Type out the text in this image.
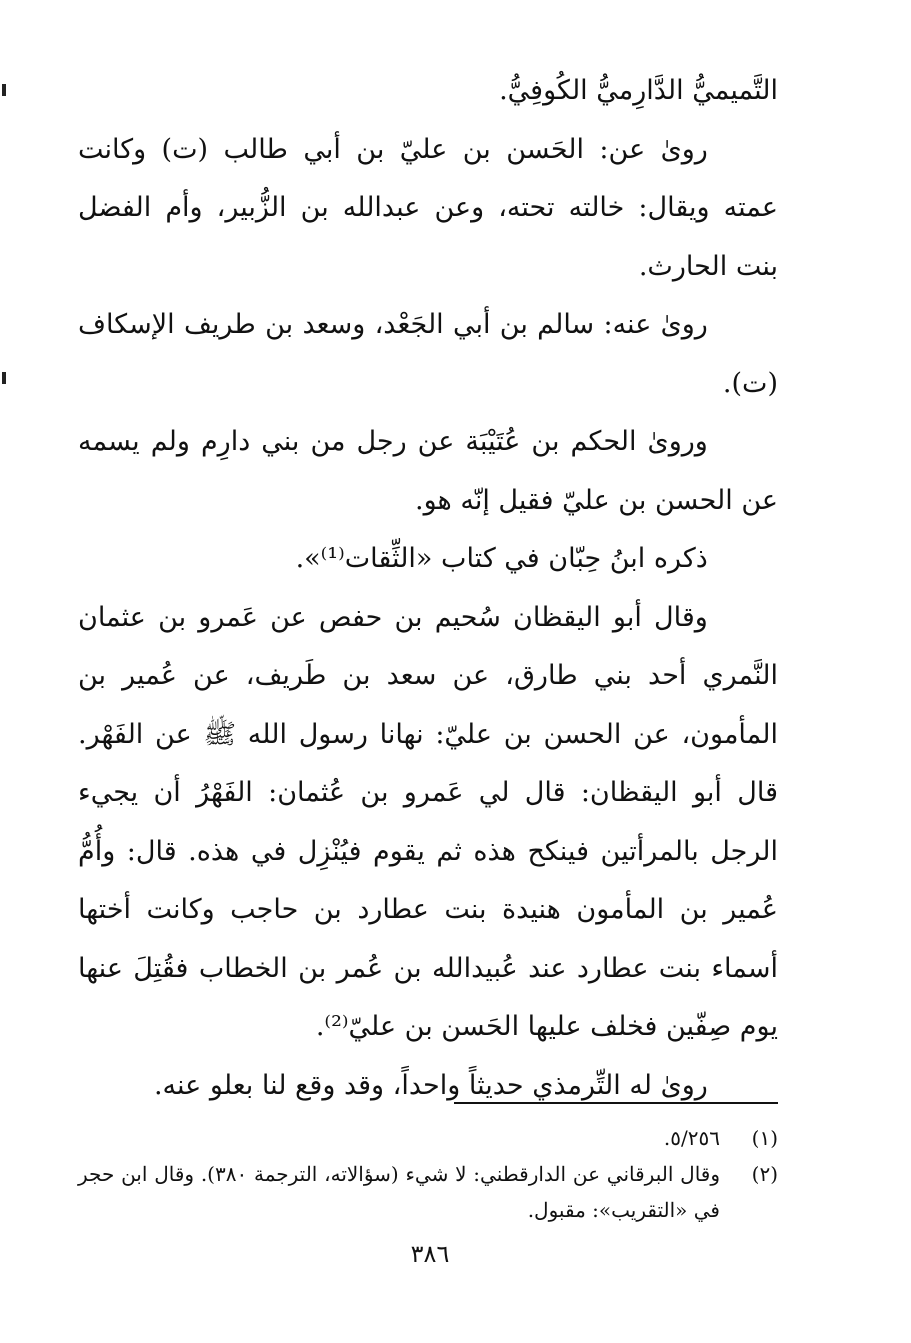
التَّميميُّ الدَّارِميُّ الكُوفِيُّ.

روىٰ عن: الحَسن بن عليّ بن أبي طالب (ت) وكانت عمته ويقال: خالته تحته، وعن عبدالله بن الزُّبير، وأم الفضل بنت الحارث.

روىٰ عنه: سالم بن أبي الجَعْد، وسعد بن طريف الإسكاف (ت).

وروىٰ الحكم بن عُتَيْبَة عن رجل من بني دارِم ولم يسمه عن الحسن بن عليّ فقيل إنّه هو.

ذكره ابنُ حِبّان في كتاب «الثِّقات⁽¹⁾».

وقال أبو اليقظان سُحيم بن حفص عن عَمرو بن عثمان النَّمري أحد بني طارق، عن سعد بن طَريف، عن عُمير بن المأمون، عن الحسن بن عليّ: نهانا رسول الله ﷺ عن الفَهْر. قال أبو اليقظان: قال لي عَمرو بن عُثمان: الفَهْرُ أن يجيء الرجل بالمرأتين فينكح هذه ثم يقوم فيُنْزِل في هذه. قال: وأُمُّ عُمير بن المأمون هنيدة بنت عطارد بن حاجب وكانت أختها أسماء بنت عطارد عند عُبيدالله بن عُمر بن الخطاب فقُتِلَ عنها يوم صِفّين فخلف عليها الحَسن بن عليّ⁽²⁾.

روىٰ له التِّرمذي حديثاً واحداً، وقد وقع لنا بعلو عنه.

(١)
٥/٢٥٦.
(٢)
وقال البرقاني عن الدارقطني: لا شيء (سؤالاته، الترجمة ٣٨٠). وقال ابن حجر في «التقريب»: مقبول.
٣٨٦
